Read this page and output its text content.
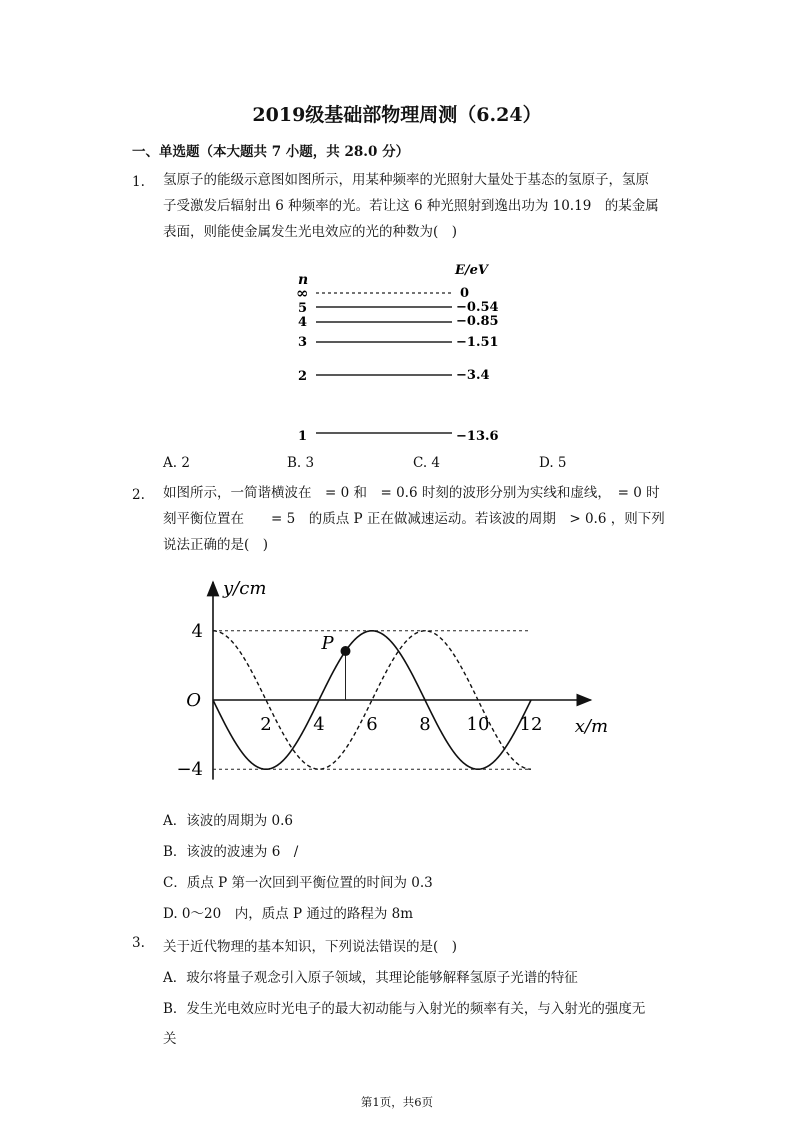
2019级基础部物理周测（6.24）
一、单选题（本大题共 7 小题，共 28.0 分）
1. 氢原子的能级示意图如图所示，用某种频率的光照射大量处于基态的氢原子，氢原
子受激发后辐射出 6 种频率的光。若让这 6 种光照射到逸出功为 10.19　的某金属
表面，则能使金属发生光电效应的光的种数为(　)
n
E/eV
∞	0
5	−0.54
4	−0.85
3	−1.51
2	−3.4
1	−13.6
A. 2	B. 3	C. 4	D. 5
2. 如图所示，一简谐横波在　= 0 和　= 0.6 时刻的波形分别为实线和虚线，　= 0 时
刻平衡位置在　　= 5　的质点 P 正在做减速运动。若该波的周期　> 0.6 ，则下列
说法正确的是(　)
P
2 4 6 8 10 12
4
−4
O
y/cm
x/m
A．该波的周期为 0.6
B．该波的波速为 6　/
C．质点 P 第一次回到平衡位置的时间为 0.3
D. 0～20　内，质点 P 通过的路程为 8m
3. 关于近代物理的基本知识，下列说法错误的是(　)
A．玻尔将量子观念引入原子领域，其理论能够解释氢原子光谱的特征
B．发生光电效应时光电子的最大初动能与入射光的频率有关，与入射光的强度无
关
第1页，共6页
